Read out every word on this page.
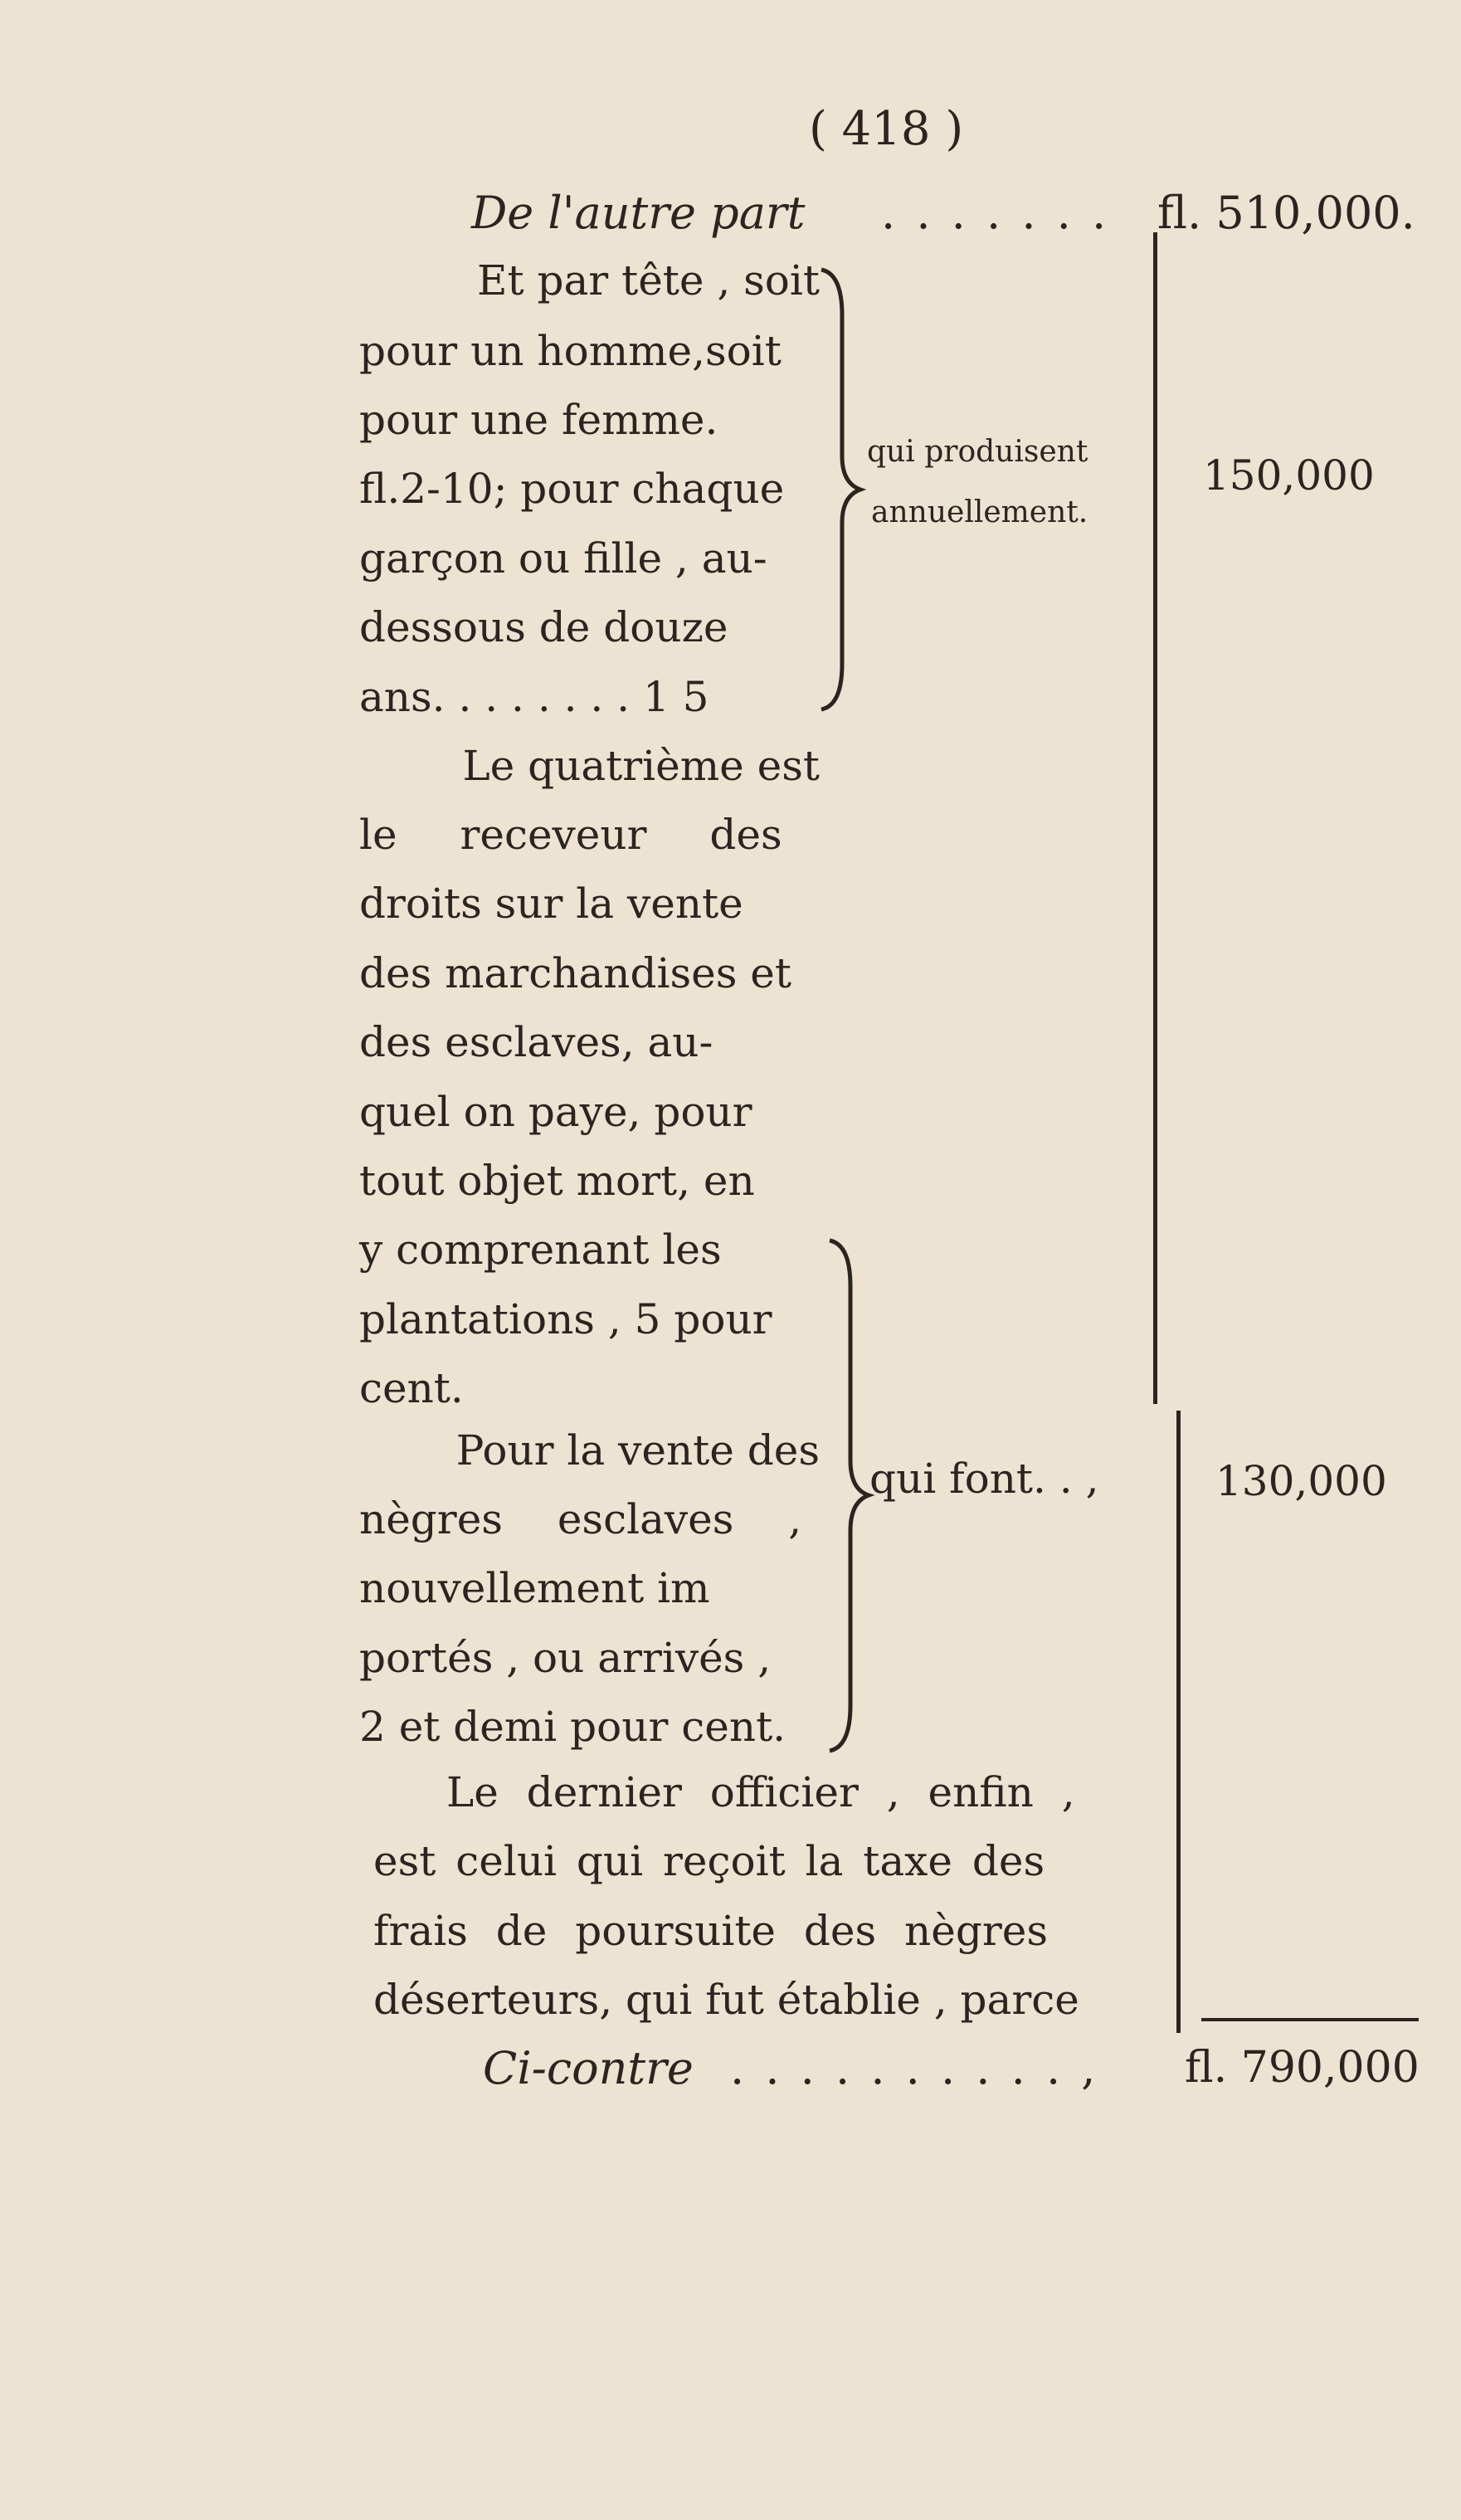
( 418 )
De l'autre part . . . . . . . fl. 510,000.
Et par tête , soit
pour un homme,soit
pour une femme.
fl.2-10; pour chaque
garçon ou fille , au-
dessous de douze
ans. . . . . . . . 1 5
qui produisent
annuellement.
150,000
Le quatrième est
le receveur des
droits sur la vente
des marchandises et
des esclaves, au-
quel on paye, pour
tout objet mort, en
y comprenant les
plantations , 5 pour
cent.
Pour la vente des
nègres esclaves ,
nouvellement im
portés , ou arrivés ,
2 et demi pour cent.
qui font. . ,	130,000
Le dernier officier , enfin ,
est celui qui reçoit la taxe des
frais de poursuite des nègres
déserteurs, qui fut établie , parce
Ci-contre . . . . . . . . . . , fl. 790,000
